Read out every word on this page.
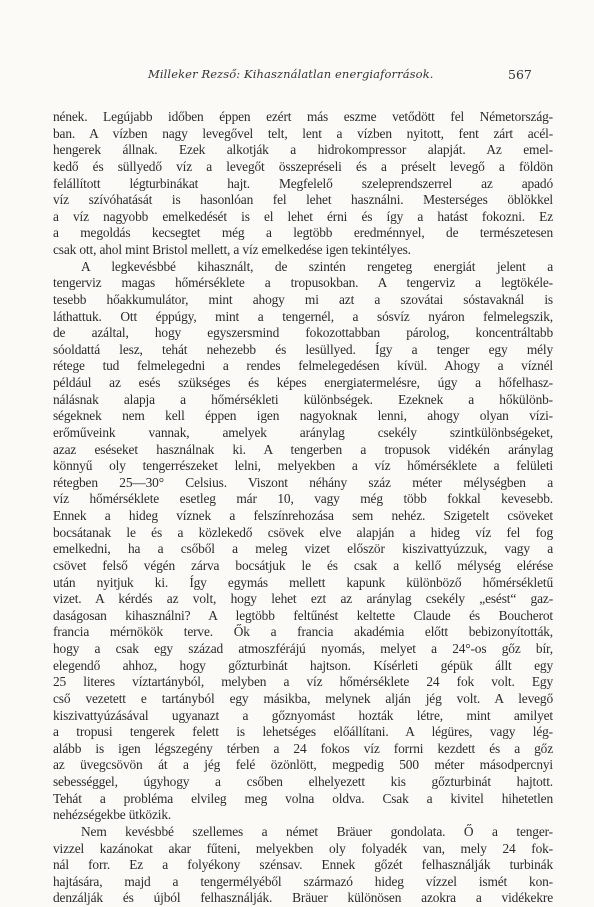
Milleker Rezső: Kihasználatlan energiaforrások.	567
nének. Legújabb időben éppen ezért más eszme vetődött fel Németország-
ban. A vízben nagy levegővel telt, lent a vízben nyitott, fent zárt acél-
hengerek állnak. Ezek alkotják a hidrokompressor alapját. Az emel-
kedő és süllyedő víz a levegőt összepréseli és a préselt levegő a földön
felállított légturbinákat hajt. Megfelelő szeleprendszerrel az apadó
víz szívóhatását is hasonlóan fel lehet használni. Mesterséges öblökkel
a víz nagyobb emelkedését is el lehet érni és így a hatást fokozni. Ez
a megoldás kecsegtet még a legtöbb eredménnyel, de természetesen
csak ott, ahol mint Bristol mellett, a víz emelkedése igen tekintélyes.
A legkevésbbé kihasznált, de szintén rengeteg energiát jelent a
tengerviz magas hőmérséklete a tropusokban. A tengerviz a legtökéle-
tesebb hőakkumulátor, mint ahogy mi azt a szovátai sóstavaknál is
láthattuk. Ott éppúgy, mint a tengernél, a sósvíz nyáron felmelegszik,
de azáltal, hogy egyszersmind fokozottabban párolog, koncentráltabb
sóoldattá lesz, tehát nehezebb és lesüllyed. Így a tenger egy mély
rétege tud felmelegedni a rendes felmelegedésen kívül. Ahogy a víznél
például az esés szükséges és képes energiatermelésre, úgy a hőfelhasz-
nálásnak alapja a hőmérsékleti különbségek. Ezeknek a hőkülönb-
ségeknek nem kell éppen igen nagyoknak lenni, ahogy olyan vízi-
erőműveink vannak, amelyek aránylag csekély szintkülönbségeket,
azaz eséseket használnak ki. A tengerben a tropusok vidékén aránylag
könnyű oly tengerrészeket lelni, melyekben a víz hőmérséklete a felületi
rétegben 25—30° Celsius. Viszont néhány száz méter mélységben a
víz hőmérséklete esetleg már 10, vagy még több fokkal kevesebb.
Ennek a hideg víznek a felszínrehozása sem nehéz. Szigetelt csöveket
bocsátanak le és a közlekedő csövek elve alapján a hideg víz fel fog
emelkedni, ha a csőből a meleg vizet először kiszivattyúzzuk, vagy a
csövet felső végén zárva bocsátjuk le és csak a kellő mélység elérése
után nyitjuk ki. Így egymás mellett kapunk különböző hőmérsékletű
vizet. A kérdés az volt, hogy lehet ezt az aránylag csekély „esést“ gaz-
daságosan kihasználni? A legtöbb feltűnést keltette Claude és Boucherot
francia mérnökök terve. Ők a francia akadémia előtt bebizonyították,
hogy a csak egy század atmoszférájú nyomás, melyet a 24°-os gőz bír,
elegendő ahhoz, hogy gőzturbinát hajtson. Kísérleti gépük állt egy
25 literes víztartányból, melyben a víz hőmérséklete 24 fok volt. Egy
cső vezetett e tartányból egy másikba, melynek alján jég volt. A levegő
kiszivattyúzásával ugyanazt a gőznyomást hozták létre, mint amilyet
a tropusi tengerek felett is lehetséges előállítani. A légüres, vagy lég-
alább is igen légszegény térben a 24 fokos víz forrni kezdett és a gőz
az üvegcsövön át a jég felé özönlött, megpedig 500 méter másodpercnyi
sebességgel, úgyhogy a csőben elhelyezett kis gőzturbinát hajtott.
Tehát a probléma elvileg meg volna oldva. Csak a kivitel hihetetlen
nehézségekbe ütközik.
Nem kevésbbé szellemes a német Bräuer gondolata. Ő a tenger-
vizzel kazánokat akar fűteni, melyekben oly folyadék van, mely 24 fok-
nál forr. Ez a folyékony szénsav. Ennek gőzét felhasználják turbinák
hajtására, majd a tengermélyéből származó hideg vízzel ismét kon-
denzálják és újból felhasználják. Bräuer különösen azokra a vidékekre
